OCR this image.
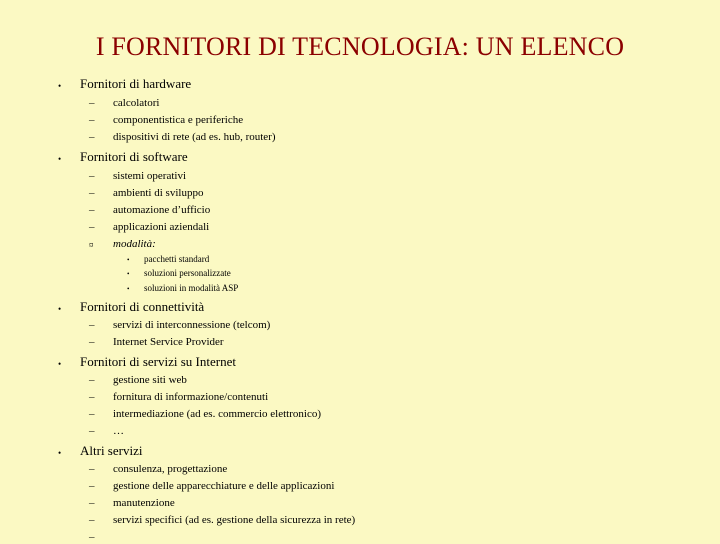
I FORNITORI DI TECNOLOGIA: UN ELENCO
• Fornitori di hardware
– calcolatori
– componentistica e periferiche
– dispositivi di rete (ad es. hub, router)
• Fornitori di software
– sistemi operativi
– ambienti di sviluppo
– automazione d’ufficio
– applicazioni aziendali
¤ modalità:
• pacchetti standard
• soluzioni personalizzate
• soluzioni in modalità ASP
• Fornitori di connettività
– servizi di interconnessione (telcom)
– Internet Service Provider
• Fornitori di servizi su Internet
– gestione siti web
– fornitura di informazione/contenuti
– intermediazione (ad es. commercio elettronico)
– …
• Altri servizi
– consulenza, progettazione
– gestione delle apparecchiature e delle applicazioni
– manutenzione
– servizi specifici (ad es. gestione della sicurezza in rete)
–
